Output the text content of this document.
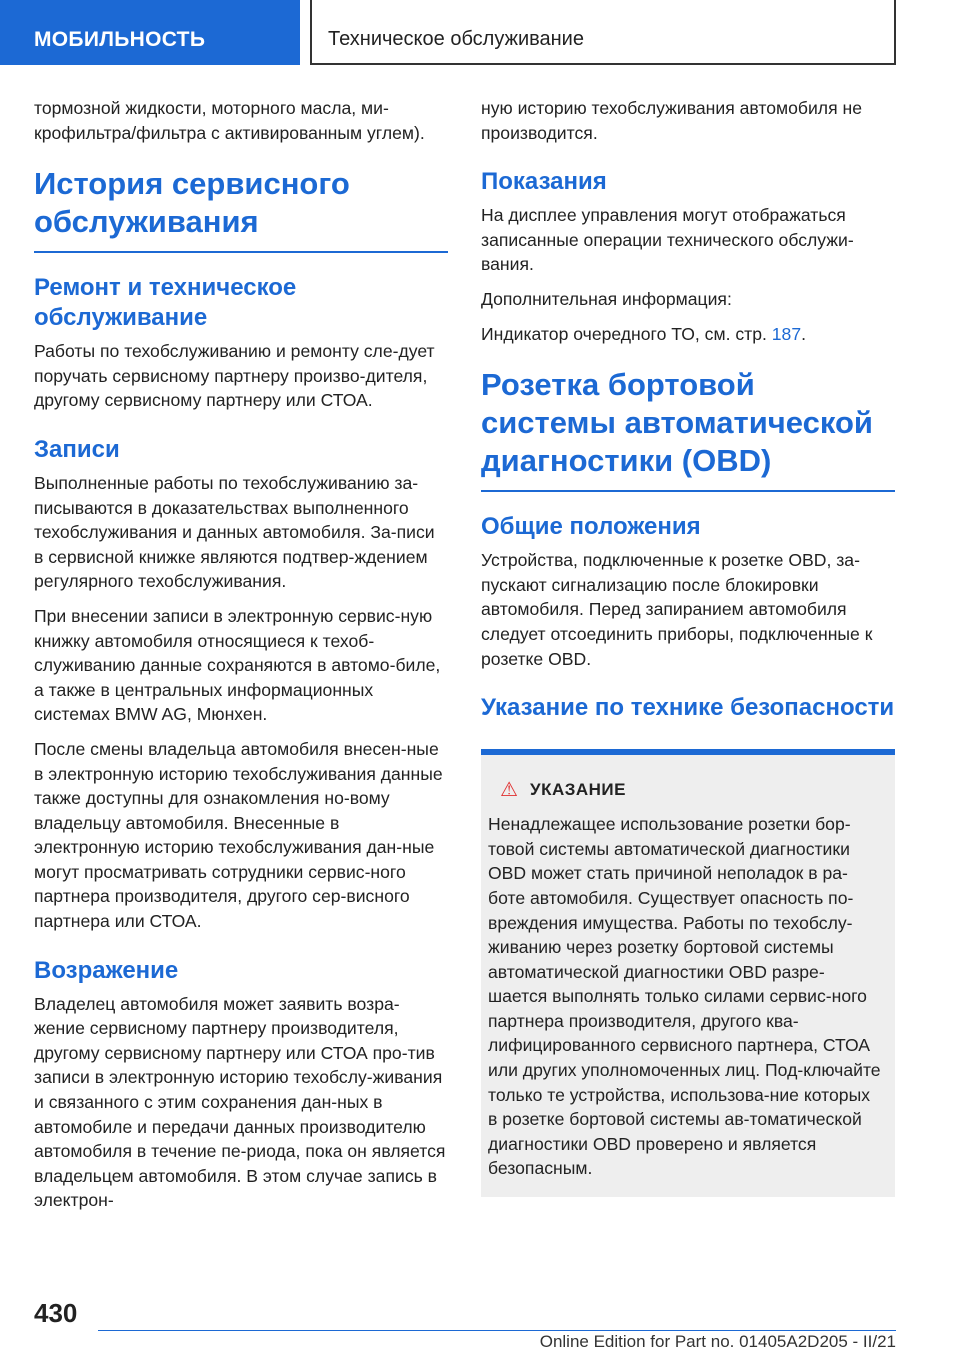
МОБИЛЬНОСТЬ	Техническое обслуживание

тормозной жидкости, моторного масла, ми‐крофильтра/фильтра с активированным углем).

История сервисного обслуживания
Ремонт и техническое обслуживание

Работы по техобслуживанию и ремонту сле‐дует поручать сервисному партнеру произво‐дителя, другому сервисному партнеру или СТОА.

Записи

Выполненные работы по техобслуживанию за‐писываются в доказательствах выполненного техобслуживания и данных автомобиля. За‐писи в сервисной книжке являются подтвер‐ждением регулярного техобслуживания.

При внесении записи в электронную сервис‐ную книжку автомобиля относящиеся к техоб‐служиванию данные сохраняются в автомо‐биле, а также в центральных информационных системах BMW AG, Мюнхен.

После смены владельца автомобиля внесен‐ные в электронную историю техобслуживания данные также доступны для ознакомления но‐вому владельцу автомобиля. Внесенные в электронную историю техобслуживания дан‐ные могут просматривать сотрудники сервис‐ного партнера производителя, другого сер‐висного партнера или СТОА.

Возражение

Владелец автомобиля может заявить возра‐жение сервисному партнеру производителя, другому сервисному партнеру или СТОА про‐тив записи в электронную историю техобслу‐живания и связанного с этим сохранения дан‐ных в автомобиле и передачи данных производителю автомобиля в течение пе‐риода, пока он является владельцем автомобиля. В этом случае запись в электрон‐

ную историю техобслуживания автомобиля не производится.

Показания

На дисплее управления могут отображаться записанные операции технического обслужи‐вания.

Дополнительная информация:

Индикатор очередного ТО, см. стр. 187.

Розетка бортовой системы автоматической диагностики (OBD)
Общие положения

Устройства, подключенные к розетке OBD, за‐пускают сигнализацию после блокировки автомобиля. Перед запиранием автомобиля следует отсоединить приборы, подключенные к розетке OBD.

Указание по технике безопасности
⚠ УКАЗАНИЕ

Ненадлежащее использование розетки бор‐товой системы автоматической диагностики OBD может стать причиной неполадок в ра‐боте автомобиля. Существует опасность по‐вреждения имущества. Работы по техобслу‐живанию через розетку бортовой системы автоматической диагностики OBD разре‐шается выполнять только силами сервис‐ного партнера производителя, другого ква‐лифицированного сервисного партнера, СТОА или других уполномоченных лиц. Под‐ключайте только те устройства, использова‐ние которых в розетке бортовой системы ав‐томатической диагностики OBD проверено и является безопасным.

430
Online Edition for Part no. 01405A2D205 - II/21
